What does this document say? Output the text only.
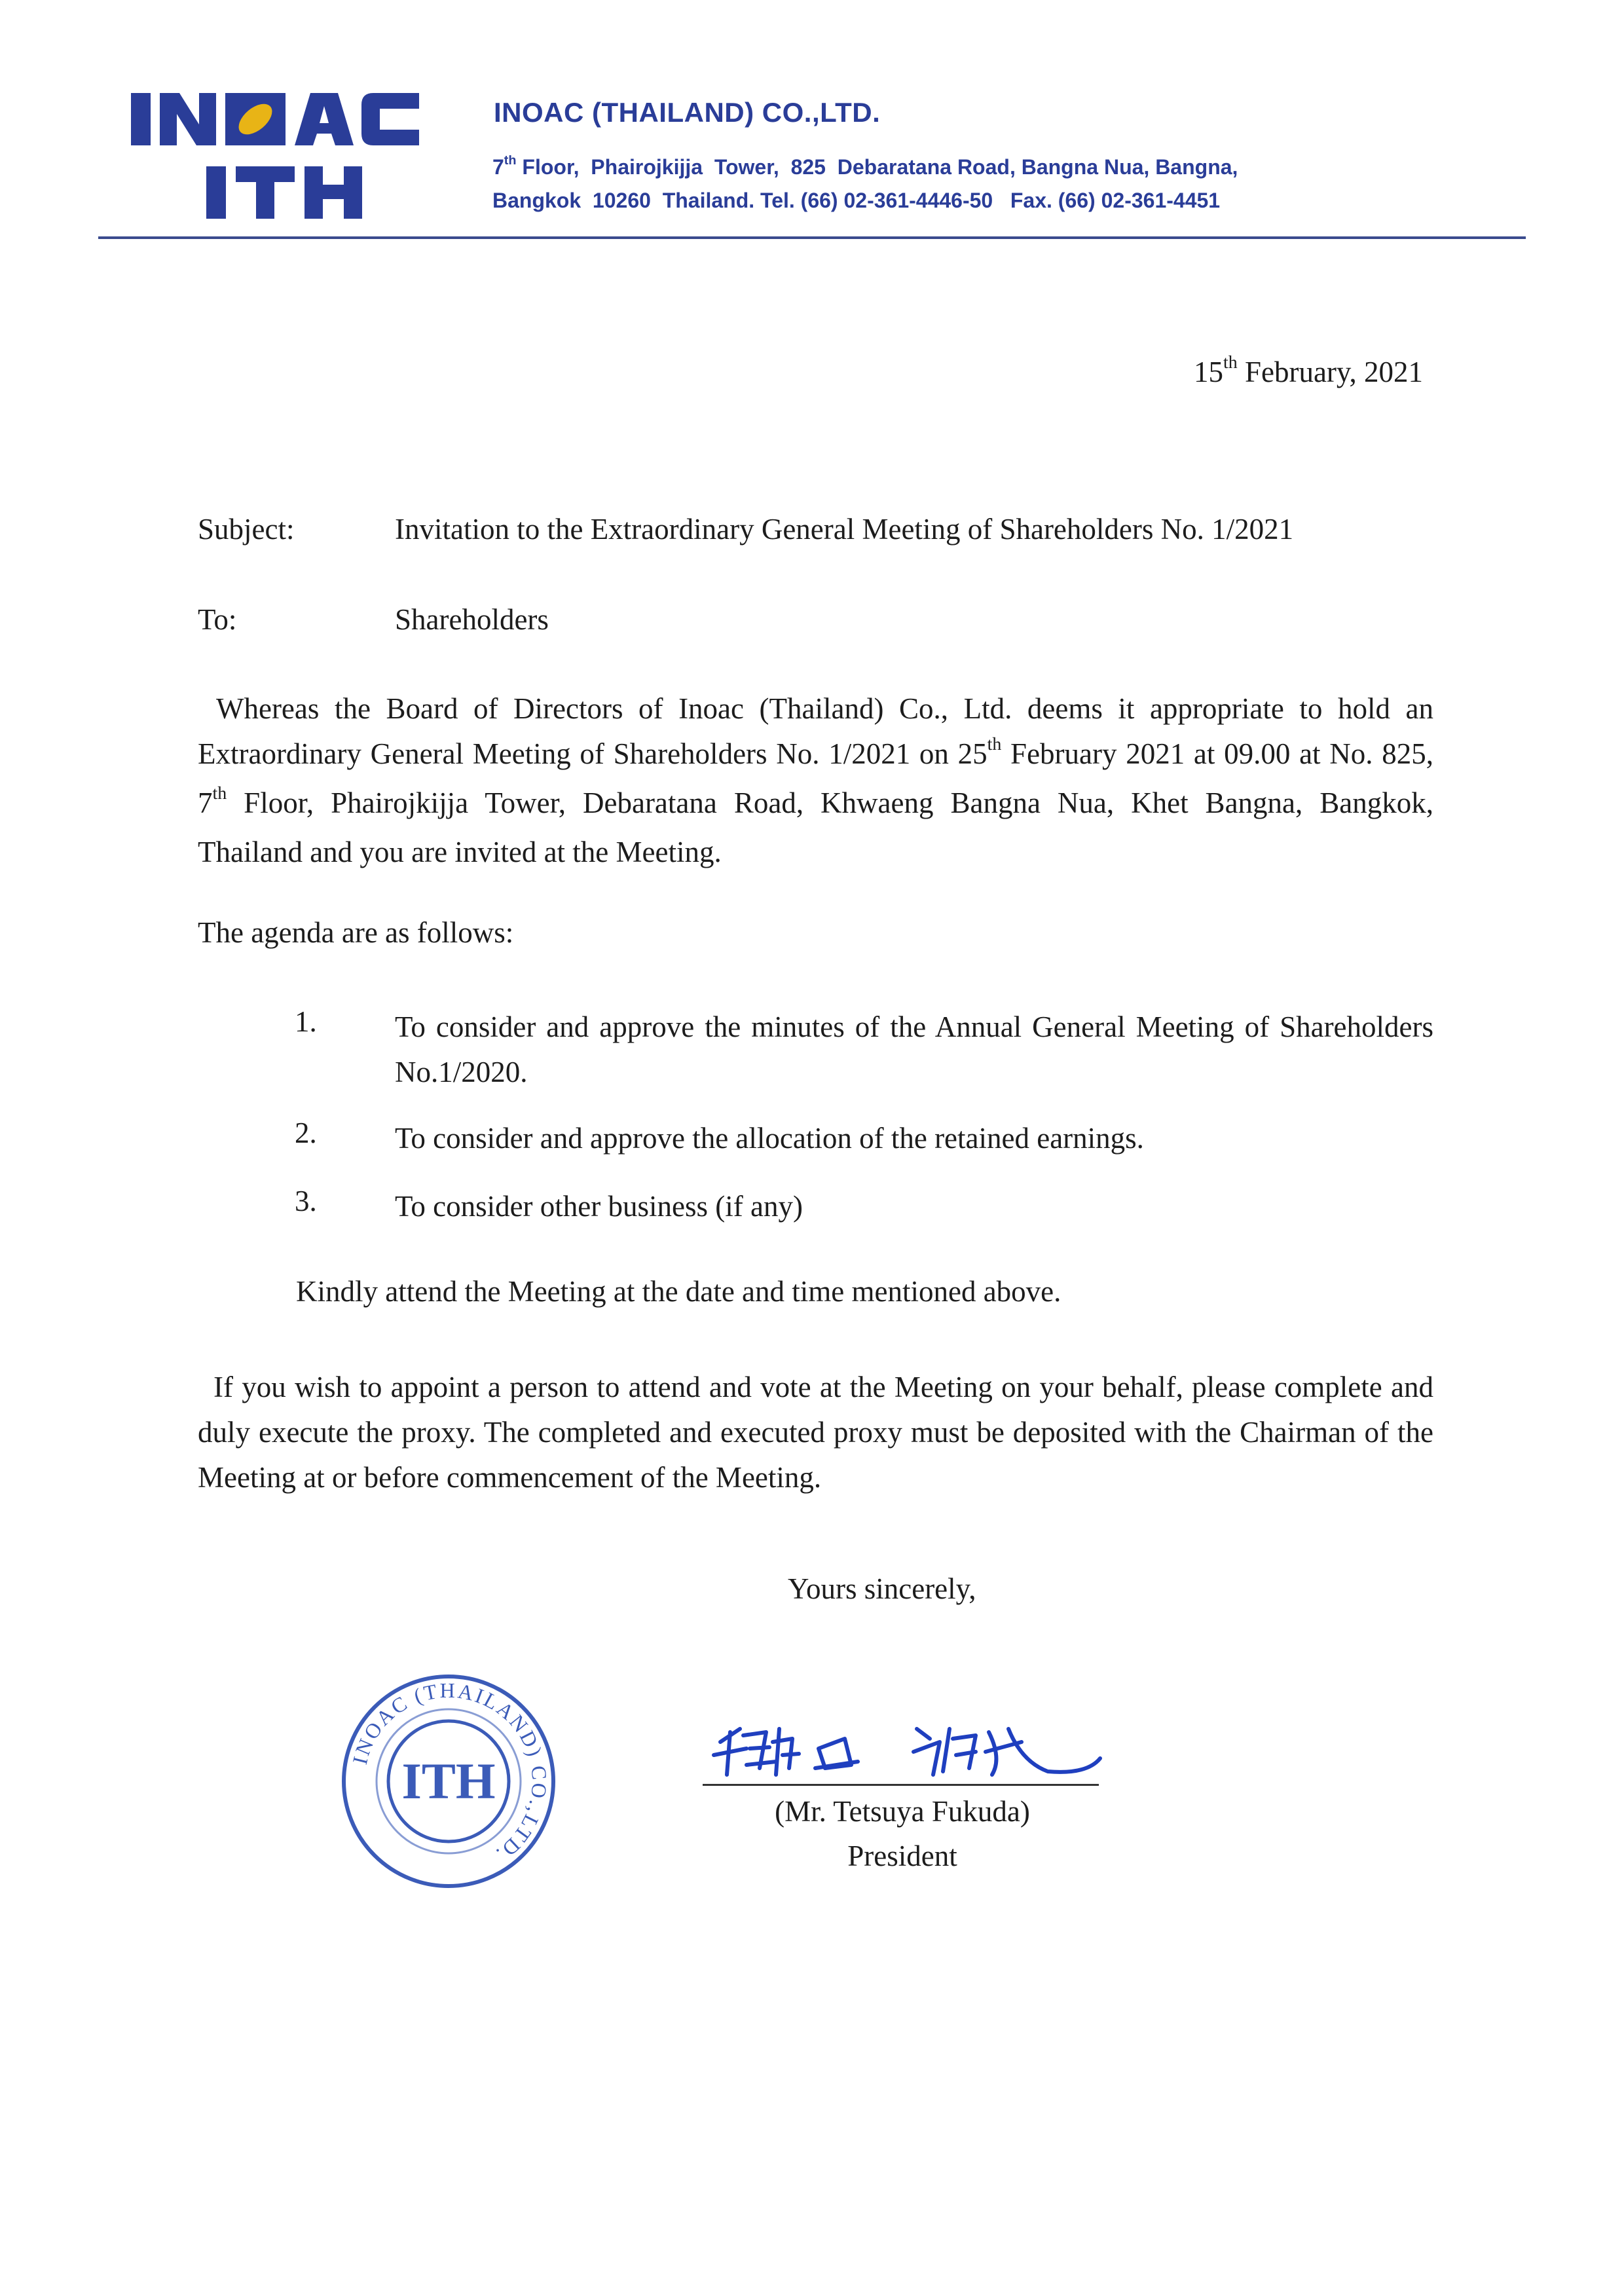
INOAC (THAILAND) CO.,LTD.
7th Floor,  Phairojkijja  Tower,  825  Debaratana Road, Bangna Nua, Bangna,
Bangkok  10260  Thailand. Tel. (66) 02-361-4446-50   Fax. (66) 02-361-4451
15th February, 2021
Subject:	Invitation to the Extraordinary General Meeting of Shareholders No. 1/2021
To:	Shareholders
Whereas the Board of Directors of Inoac (Thailand) Co., Ltd. deems it appropriate to hold an Extraordinary General Meeting of Shareholders No. 1/2021 on 25th February 2021 at 09.00 at No. 825, 7th Floor, Phairojkijja Tower, Debaratana Road, Khwaeng Bangna Nua, Khet Bangna, Bangkok, Thailand and you are invited at the Meeting.
The agenda are as follows:
1.	To consider and approve the minutes of the Annual General Meeting of Shareholders No.1/2020.
2.	To consider and approve the allocation of the retained earnings.
3.	To consider other business (if any)
Kindly attend the Meeting at the date and time mentioned above.
If you wish to appoint a person to attend and vote at the Meeting on your behalf, please complete and duly execute the proxy. The completed and executed proxy must be deposited with the Chairman of the Meeting at or before commencement of the Meeting.
Yours sincerely,
INOAC (THAILAND) CO.,LTD.
ITH
(Mr. Tetsuya Fukuda)
President
